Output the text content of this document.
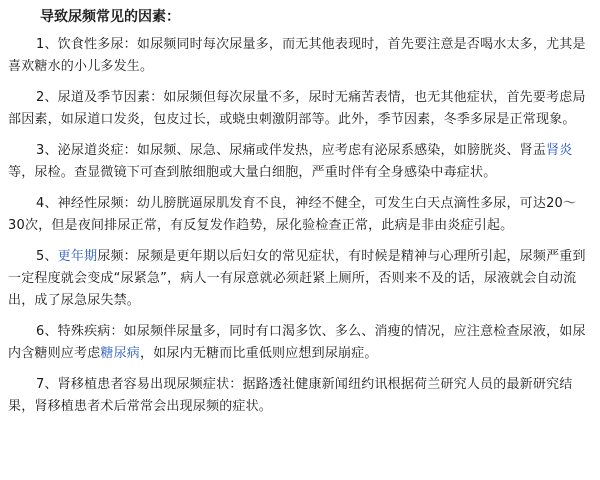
导致尿频常见的因素：

1、饮食性多尿：如尿频同时每次尿量多，而无其他表现时，首先要注意是否喝水太多，尤其是喜欢糖水的小儿多发生。

2、尿道及季节因素：如尿频但每次尿量不多，尿时无痛苦表情，也无其他症状，首先要考虑局部因素，如尿道口发炎，包皮过长，或蛲虫刺激阴部等。此外，季节因素，冬季多尿是正常现象。

3、泌尿道炎症：如尿频、尿急、尿痛或伴发热，应考虑有泌尿系感染，如膀胱炎、肾盂肾炎等，尿检。查显微镜下可查到脓细胞或大量白细胞，严重时伴有全身感染中毒症状。

4、神经性尿频：幼儿膀胱逼尿肌发育不良，神经不健全，可发生白天点滴性多尿，可达20～30次，但是夜间排尿正常，有反复发作趋势，尿化验检查正常，此病是非由炎症引起。

5、更年期尿频：尿频是更年期以后妇女的常见症状，有时候是精神与心理所引起，尿频严重到一定程度就会变成“尿紧急”，病人一有尿意就必须赶紧上厕所，否则来不及的话，尿液就会自动流出，成了尿急尿失禁。

6、特殊疾病：如尿频伴尿量多，同时有口渴多饮、多么、消瘦的情况，应注意检查尿液，如尿内含糖则应考虑糖尿病，如尿内无糖而比重低则应想到尿崩症。

7、肾移植患者容易出现尿频症状：据路透社健康新闻纽约讯根据荷兰研究人员的最新研究结果，肾移植患者术后常常会出现尿频的症状。
